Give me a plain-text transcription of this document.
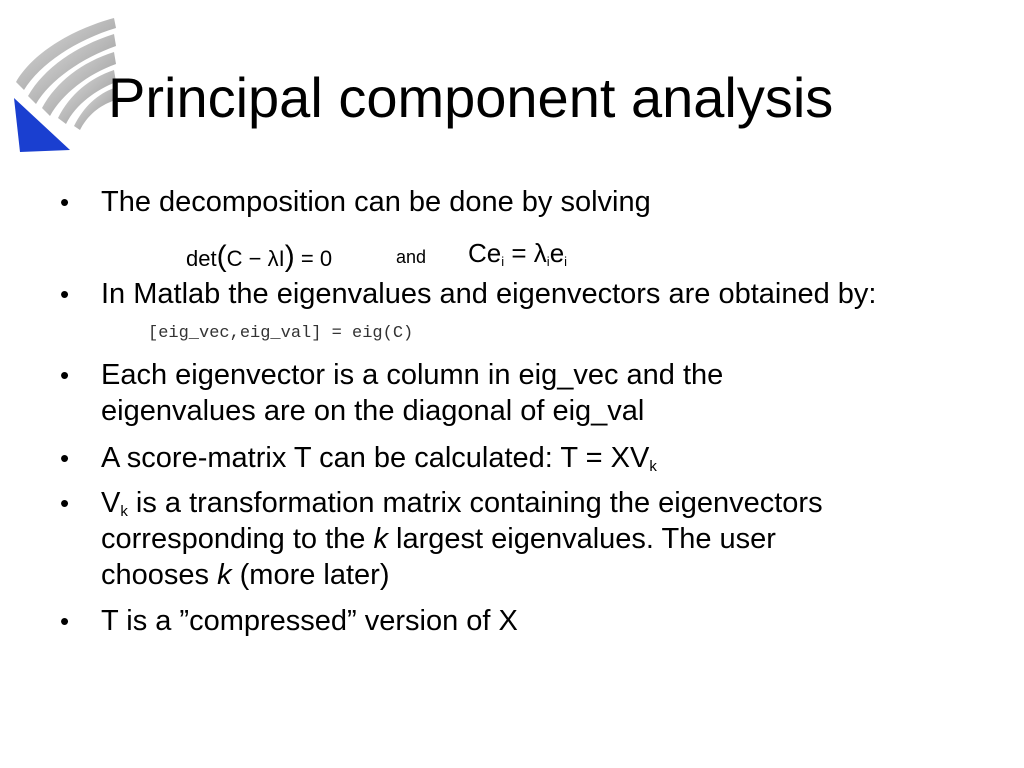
Principal component analysis
• The decomposition can be done by solving
det(C − λI) = 0	and $Ce_i = \lambda_ie_i$
• In Matlab the eigenvalues and eigenvectors are obtained by:
[eig_vec,eig_val] = eig(C)
• Each eigenvector is a column in eig_vec and the
eigenvalues are on the diagonal of eig_val
• A score-matrix T can be calculated: $T = XV_k$
• $V_k$ is a transformation matrix containing the eigenvectors
corresponding to the k largest eigenvalues. The user
chooses k (more later)
• T is a ”compressed” version of X
